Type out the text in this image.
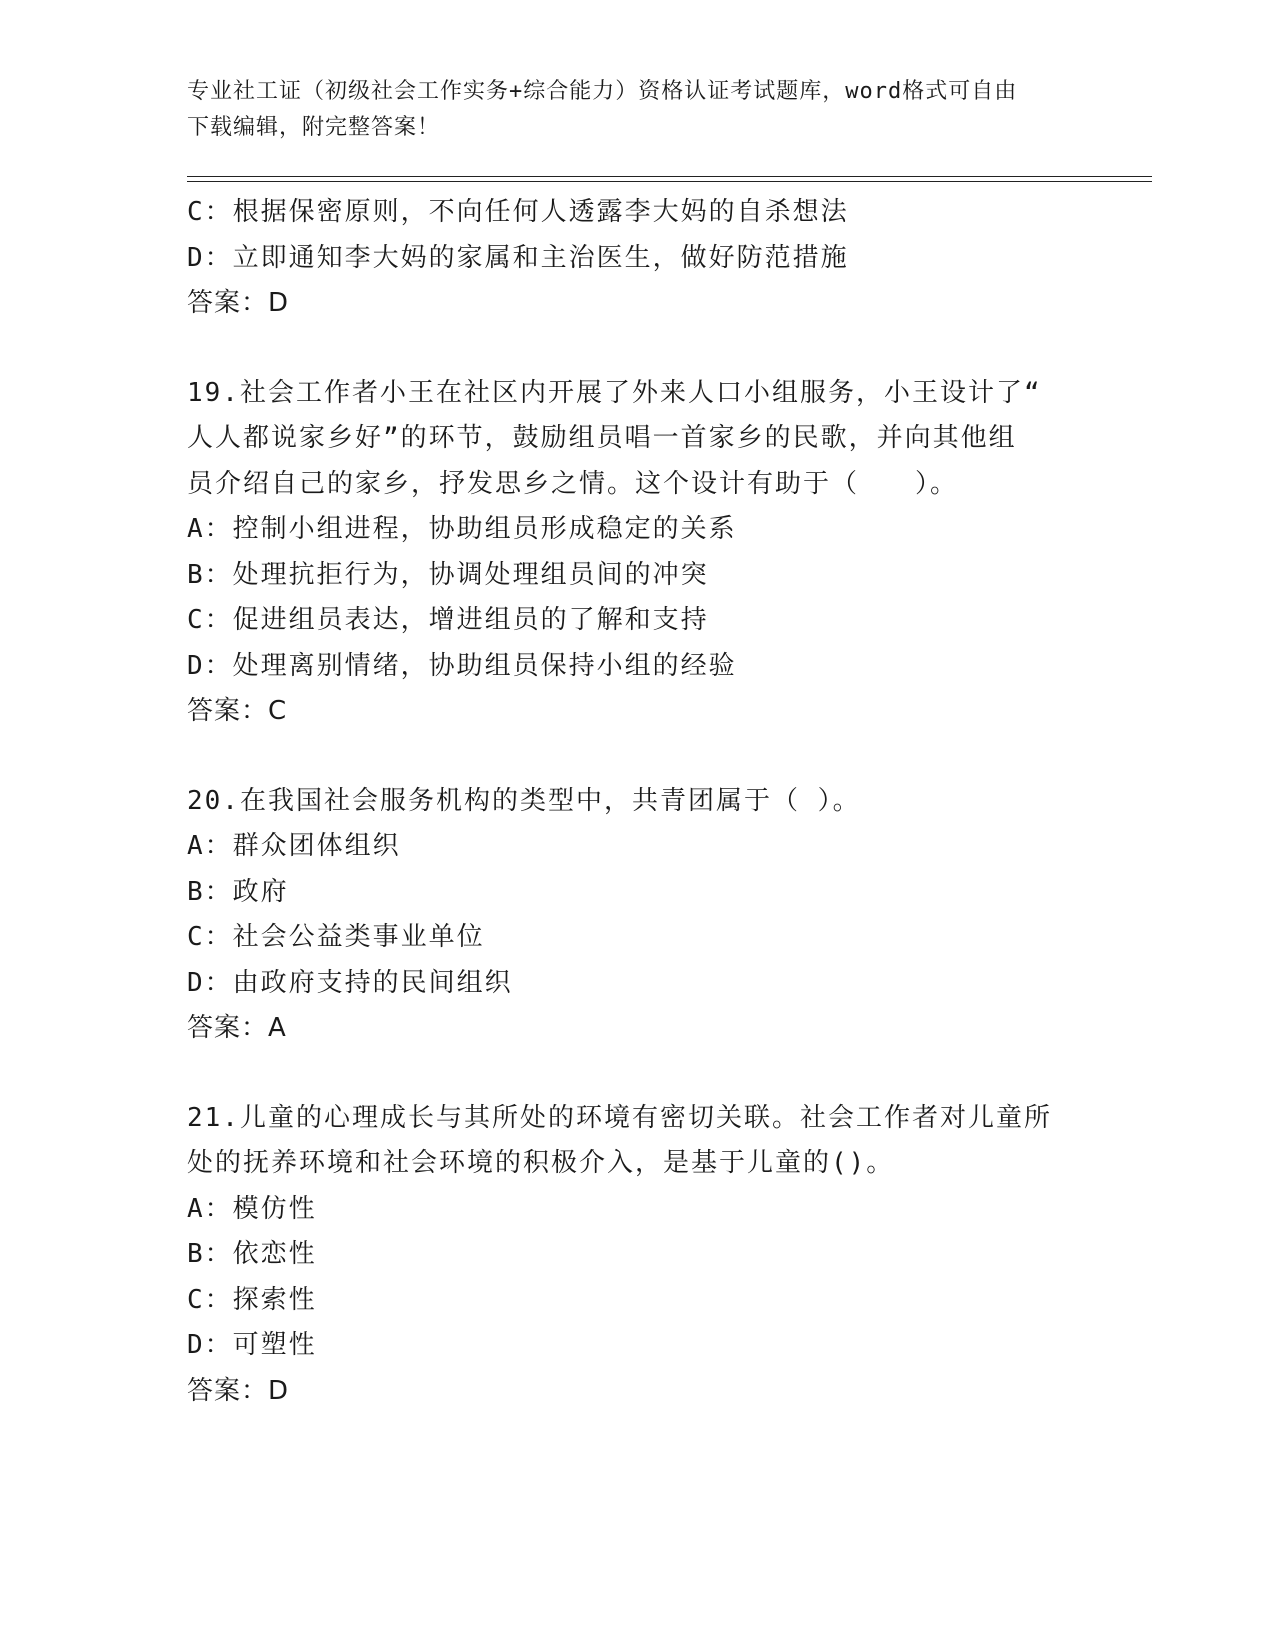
专业社工证（初级社会工作实务+综合能力）资格认证考试题库，word格式可自由
下载编辑，附完整答案！
C：根据保密原则，不向任何人透露李大妈的自杀想法
D：立即通知李大妈的家属和主治医生，做好防范措施
答案：D
19.社会工作者小王在社区内开展了外来人口小组服务，小王设计了“
人人都说家乡好”的环节，鼓励组员唱一首家乡的民歌，并向其他组
员介绍自己的家乡，抒发思乡之情。这个设计有助于（　　）。
A：控制小组进程，协助组员形成稳定的关系
B：处理抗拒行为，协调处理组员间的冲突
C：促进组员表达，增进组员的了解和支持
D：处理离别情绪，协助组员保持小组的经验
答案：C
20.在我国社会服务机构的类型中，共青团属于（ ）。
A：群众团体组织
B：政府
C：社会公益类事业单位
D：由政府支持的民间组织
答案：A
21.儿童的心理成长与其所处的环境有密切关联。社会工作者对儿童所
处的抚养环境和社会环境的积极介入，是基于儿童的()。
A：模仿性
B：依恋性
C：探索性
D：可塑性
答案：D
